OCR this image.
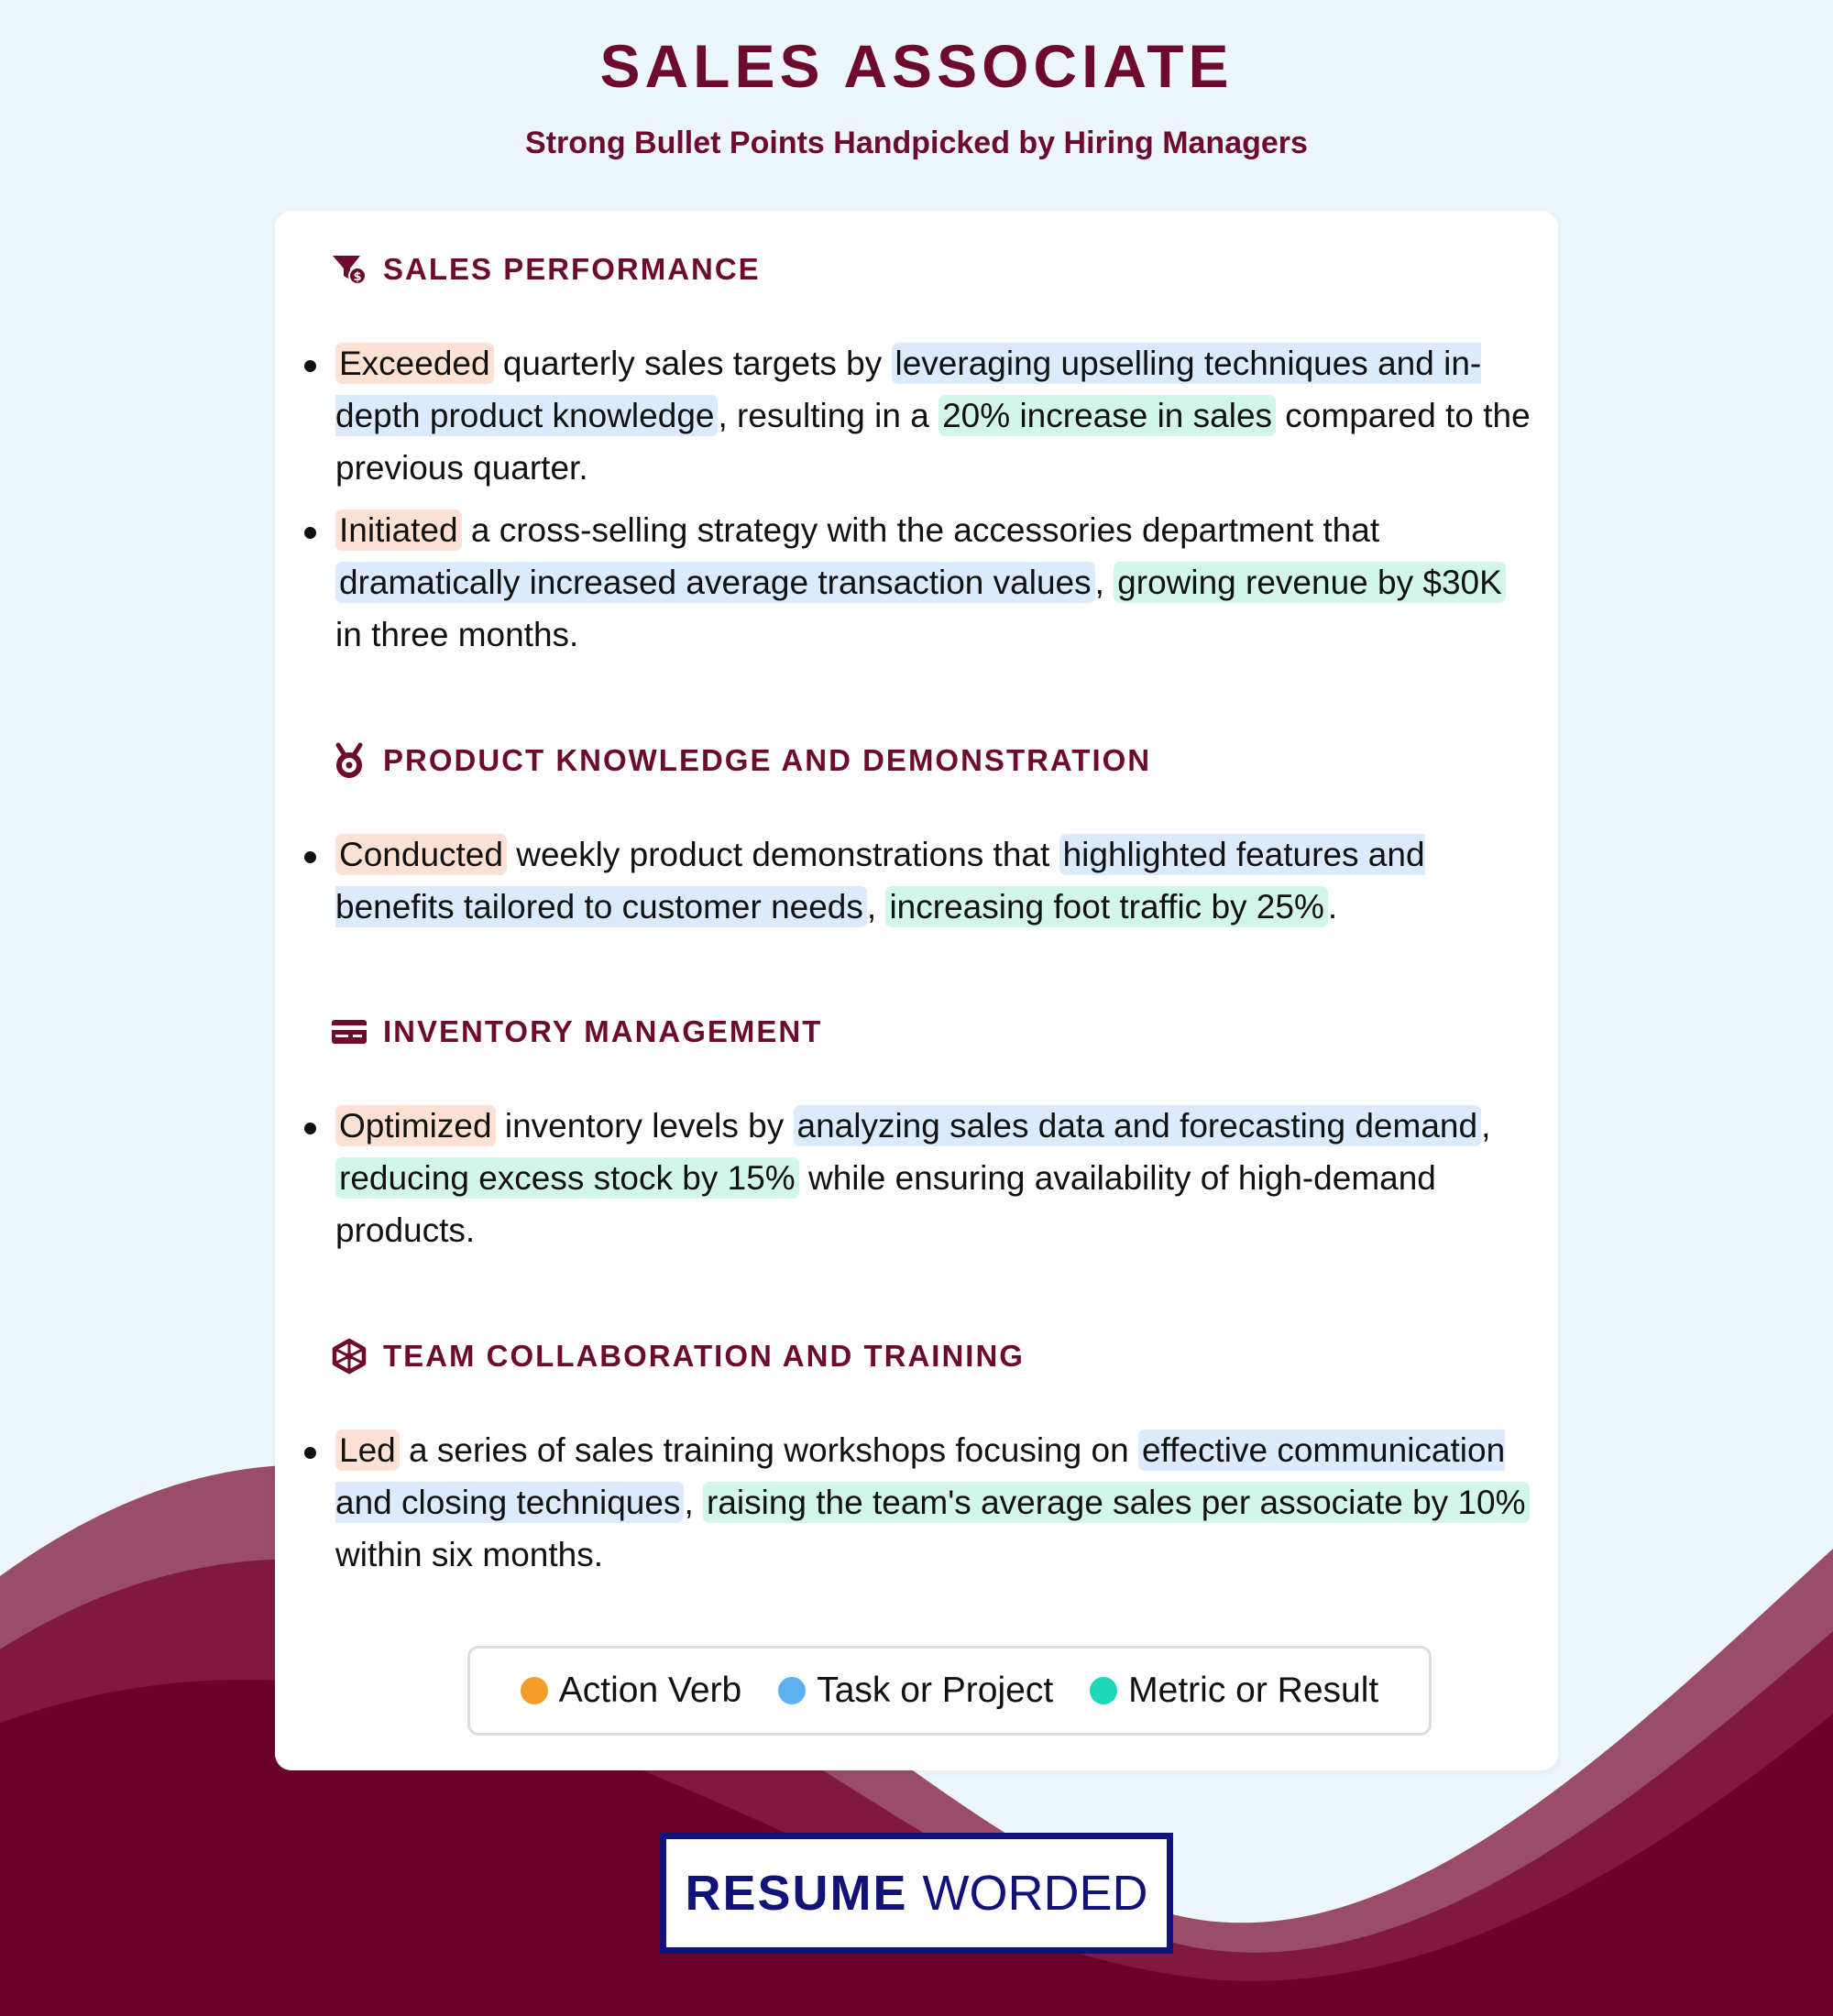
SALES ASSOCIATE
Strong Bullet Points Handpicked by Hiring Managers
$ SALES PERFORMANCE
Exceeded quarterly sales targets by leveraging upselling techniques and in-depth product knowledge , resulting in a 20% increase in sales compared to the previous quarter.
Initiated a cross-selling strategy with the accessories department that dramatically increased average transaction values , growing revenue by $30K in three months.
PRODUCT KNOWLEDGE AND DEMONSTRATION
Conducted weekly product demonstrations that highlighted features and benefits tailored to customer needs , increasing foot traffic by 25% .
INVENTORY MANAGEMENT
Optimized inventory levels by analyzing sales data and forecasting demand , reducing excess stock by 15% while ensuring availability of high-demand products.
TEAM COLLABORATION AND TRAINING
Led a series of sales training workshops focusing on effective communication and closing techniques , raising the team's average sales per associate by 10% within six months.
Action Verb Task or Project Metric or Result
RESUME WORDED
